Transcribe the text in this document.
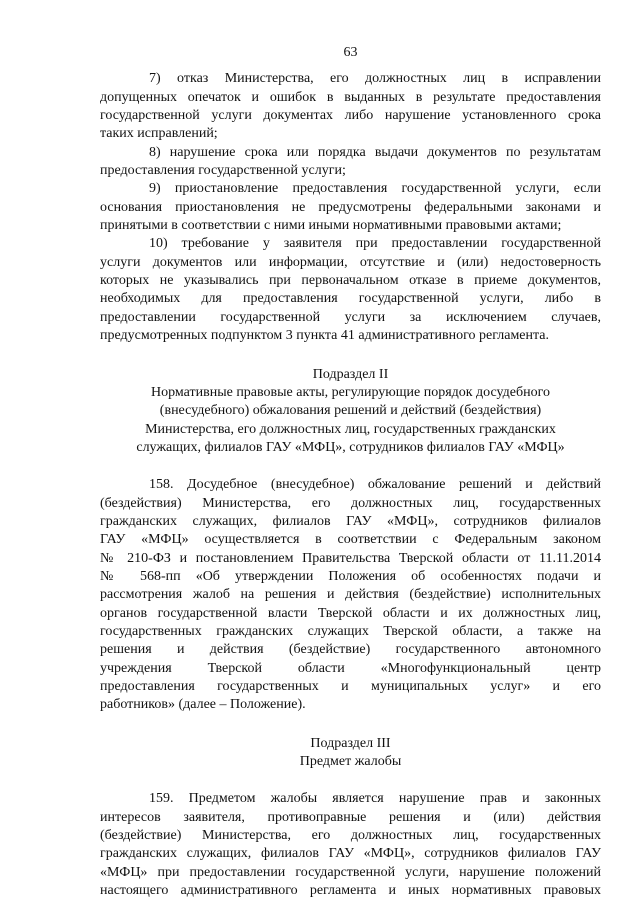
63

7) отказ Министерства, его должностных лиц в исправлении
допущенных опечаток и ошибок в выданных в результате предоставления
государственной услуги документах либо нарушение установленного срока
таких исправлений;

8) нарушение срока или порядка выдачи документов по результатам
предоставления государственной услуги;

9) приостановление предоставления государственной услуги, если
основания приостановления не предусмотрены федеральными законами и
принятыми в соответствии с ними иными нормативными правовыми актами;

10) требование у заявителя при предоставлении государственной
услуги документов или информации, отсутствие и (или) недостоверность
которых не указывались при первоначальном отказе в приеме документов,
необходимых для предоставления государственной услуги, либо в
предоставлении государственной услуги за исключением случаев,
предусмотренных подпунктом 3 пункта 41 административного регламента.

Подраздел II
Нормативные правовые акты, регулирующие порядок досудебного
(внесудебного) обжалования решений и действий (бездействия)
Министерства, его должностных лиц, государственных гражданских
служащих, филиалов ГАУ «МФЦ», сотрудников филиалов ГАУ «МФЦ»

158. Досудебное (внесудебное) обжалование решений и действий
(бездействия) Министерства, его должностных лиц, государственных
гражданских служащих, филиалов ГАУ «МФЦ», сотрудников филиалов
ГАУ «МФЦ» осуществляется в соответствии с Федеральным законом
№ 210-ФЗ и постановлением Правительства Тверской области от 11.11.2014
№ 568-пп «Об утверждении Положения об особенностях подачи и
рассмотрения жалоб на решения и действия (бездействие) исполнительных
органов государственной власти Тверской области и их должностных лиц,
государственных гражданских служащих Тверской области, а также на
решения и действия (бездействие) государственного автономного
учреждения Тверской области «Многофункциональный центр
предоставления государственных и муниципальных услуг» и его
работников» (далее – Положение).

Подраздел III
Предмет жалобы

159. Предметом жалобы является нарушение прав и законных
интересов заявителя, противоправные решения и (или) действия
(бездействие) Министерства, его должностных лиц, государственных
гражданских служащих, филиалов ГАУ «МФЦ», сотрудников филиалов ГАУ
«МФЦ» при предоставлении государственной услуги, нарушение положений
настоящего административного регламента и иных нормативных правовых
